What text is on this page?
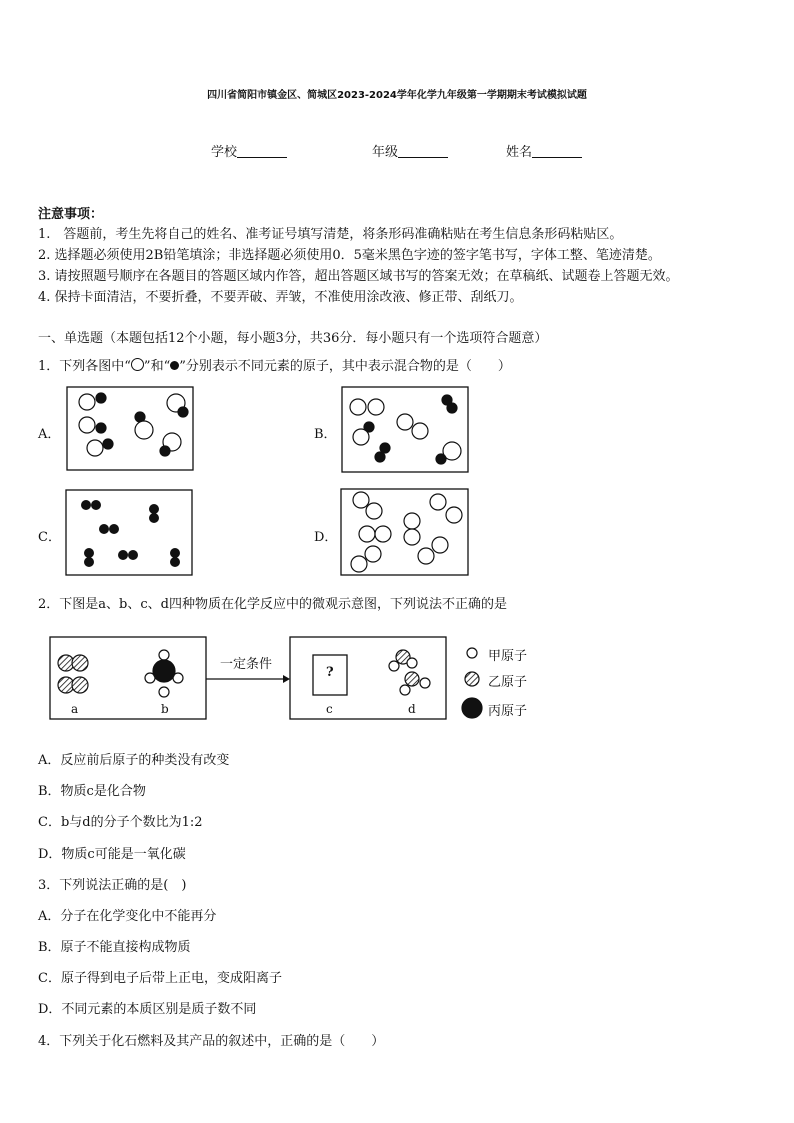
四川省简阳市镇金区、简城区2023-2024学年化学九年级第一学期期末考试模拟试题
学校	年级	姓名
注意事项：
1.　答题前，考生先将自己的姓名、准考证号填写清楚，将条形码准确粘贴在考生信息条形码粘贴区。
2. 选择题必须使用2B铅笔填涂；非选择题必须使用0．5毫米黑色字迹的签字笔书写，字体工整、笔迹清楚。
3. 请按照题号顺序在各题目的答题区域内作答，超出答题区域书写的答案无效；在草稿纸、试题卷上答题无效。
4. 保持卡面清洁，不要折叠，不要弄破、弄皱，不准使用涂改液、修正带、刮纸刀。
一、单选题（本题包括12个小题，每小题3分，共36分．每小题只有一个选项符合题意）
1．下列各图中“ ”和“ ”分别表示不同元素的原子，其中表示混合物的是（　　）
A．	B．
C．	D．
2．下图是a、b、c、d四种物质在化学反应中的微观示意图，下列说法不正确的是
一定条件
?
a	b	c	d
甲原子
乙原子
丙原子
A．反应前后原子的种类没有改变
B．物质c是化合物
C．b与d的分子个数比为1:2
D．物质c可能是一氧化碳
3．下列说法正确的是(　)
A．分子在化学变化中不能再分
B．原子不能直接构成物质
C．原子得到电子后带上正电，变成阳离子
D．不同元素的本质区别是质子数不同
4．下列关于化石燃料及其产品的叙述中，正确的是（　　）
